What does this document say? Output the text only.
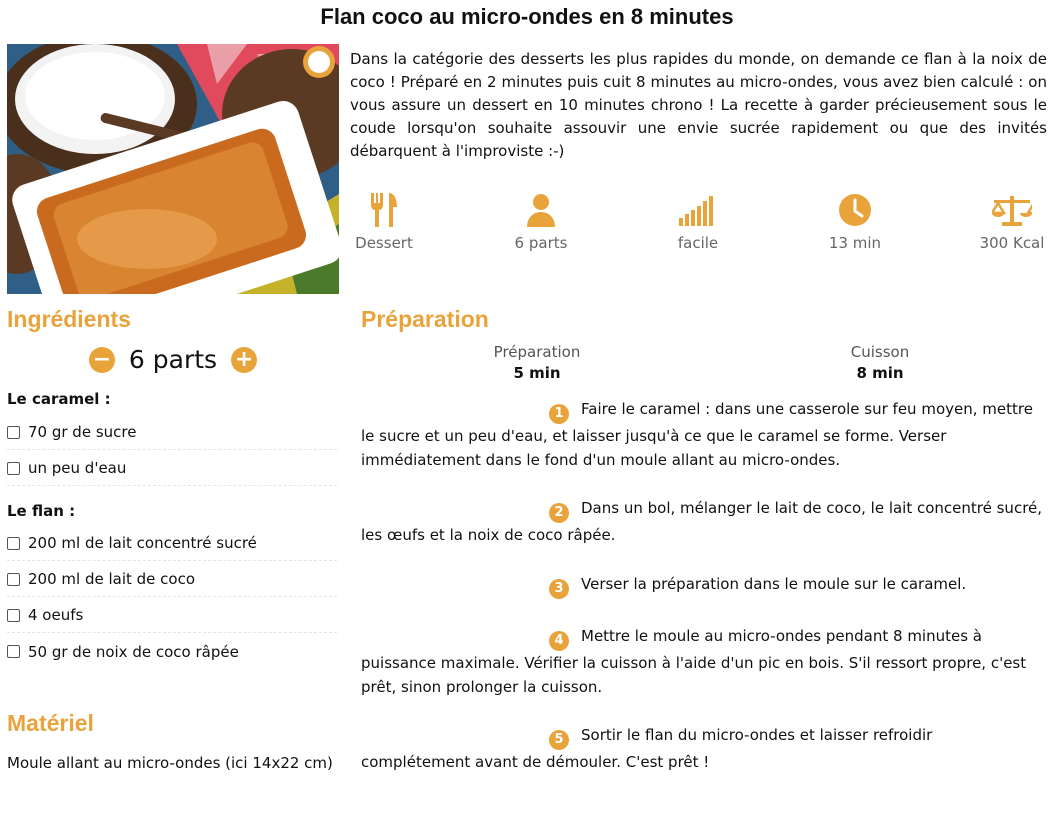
Flan coco au micro-ondes en 8 minutes
Dans la catégorie des desserts les plus rapides du monde, on demande ce flan à la noix de coco ! Préparé en 2 minutes puis cuit 8 minutes au micro-ondes, vous avez bien calculé : on vous assure un dessert en 10 minutes chrono ! La recette à garder précieusement sous le coude lorsqu'on souhaite assouvir une envie sucrée rapidement ou que des invités débarquent à l'improviste :-)
Dessert	6 parts	facile	13 min	300 Kcal
Ingrédients
− 6 parts +
Le caramel :
70 gr de sucre
un peu d'eau
Le flan :
200 ml de lait concentré sucré
200 ml de lait de coco
4 oeufs
50 gr de noix de coco râpée
Matériel
Moule allant au micro-ondes (ici 14x22 cm)
Préparation
Préparation
5 min
Cuisson
8 min
1 Faire le caramel : dans une casserole sur feu moyen, mettre le sucre et un peu d'eau, et laisser jusqu'à ce que le caramel se forme. Verser immédiatement dans le fond d'un moule allant au micro-ondes.
2 Dans un bol, mélanger le lait de coco, le lait concentré sucré, les œufs et la noix de coco râpée.
3 Verser la préparation dans le moule sur le caramel.
4 Mettre le moule au micro-ondes pendant 8 minutes à puissance maximale. Vérifier la cuisson à l'aide d'un pic en bois. S'il ressort propre, c'est prêt, sinon prolonger la cuisson.
5 Sortir le flan du micro-ondes et laisser refroidir complétement avant de démouler. C'est prêt !
